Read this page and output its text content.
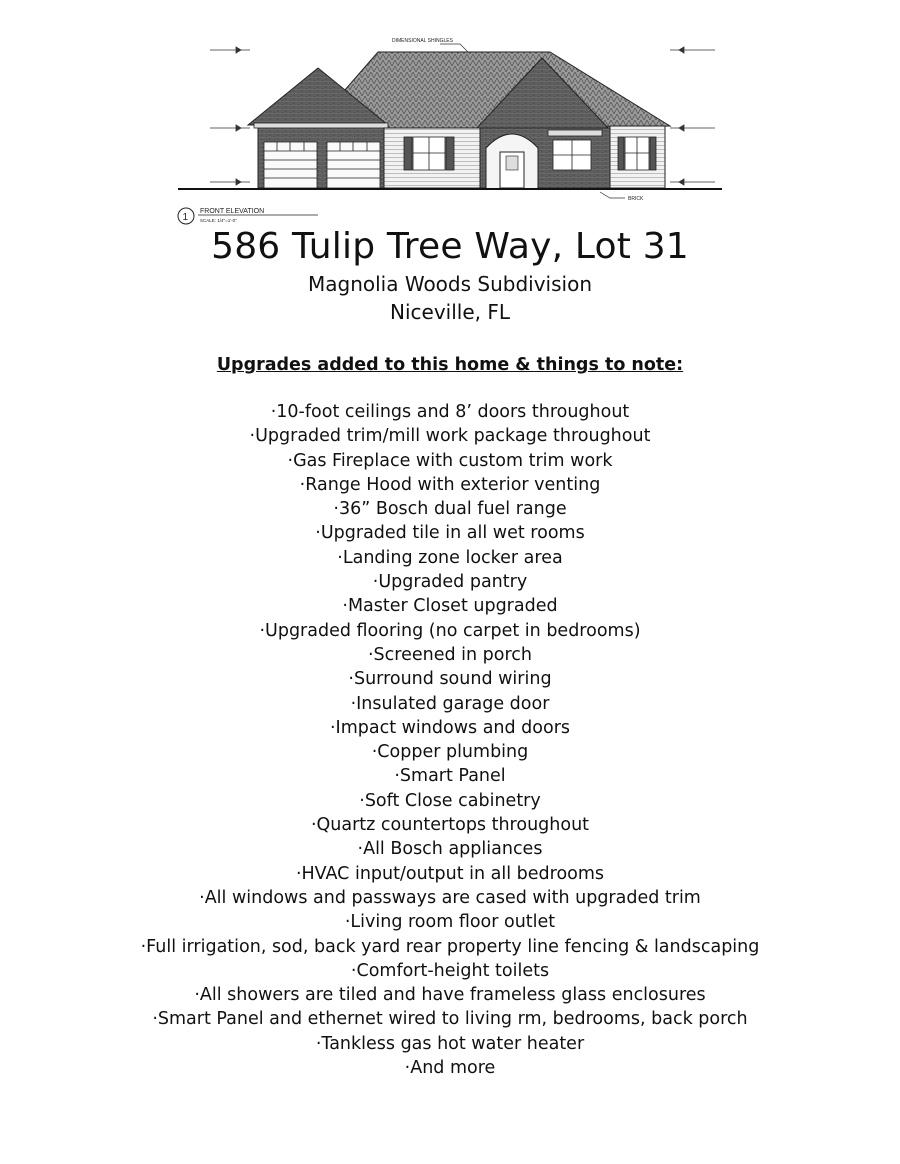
DIMENSIONAL SHINGLES
BRICK
1
FRONT ELEVATION
SCALE: 1/4"=1'-0"
586 Tulip Tree Way, Lot 31

Magnolia Woods Subdivision

Niceville, FL

Upgrades added to this home & things to note:
·10-foot ceilings and 8’ doors throughout
·Upgraded trim/mill work package throughout
·Gas Fireplace with custom trim work
·Range Hood with exterior venting
·36” Bosch dual fuel range
·Upgraded tile in all wet rooms
·Landing zone locker area
·Upgraded pantry
·Master Closet upgraded
·Upgraded flooring (no carpet in bedrooms)
·Screened in porch
·Surround sound wiring
·Insulated garage door
·Impact windows and doors
·Copper plumbing
·Smart Panel
·Soft Close cabinetry
·Quartz countertops throughout
·All Bosch appliances
·HVAC input/output in all bedrooms
·All windows and passways are cased with upgraded trim
·Living room floor outlet
·Full irrigation, sod, back yard rear property line fencing & landscaping
·Comfort-height toilets
·All showers are tiled and have frameless glass enclosures
·Smart Panel and ethernet wired to living rm, bedrooms, back porch
·Tankless gas hot water heater
·And more
